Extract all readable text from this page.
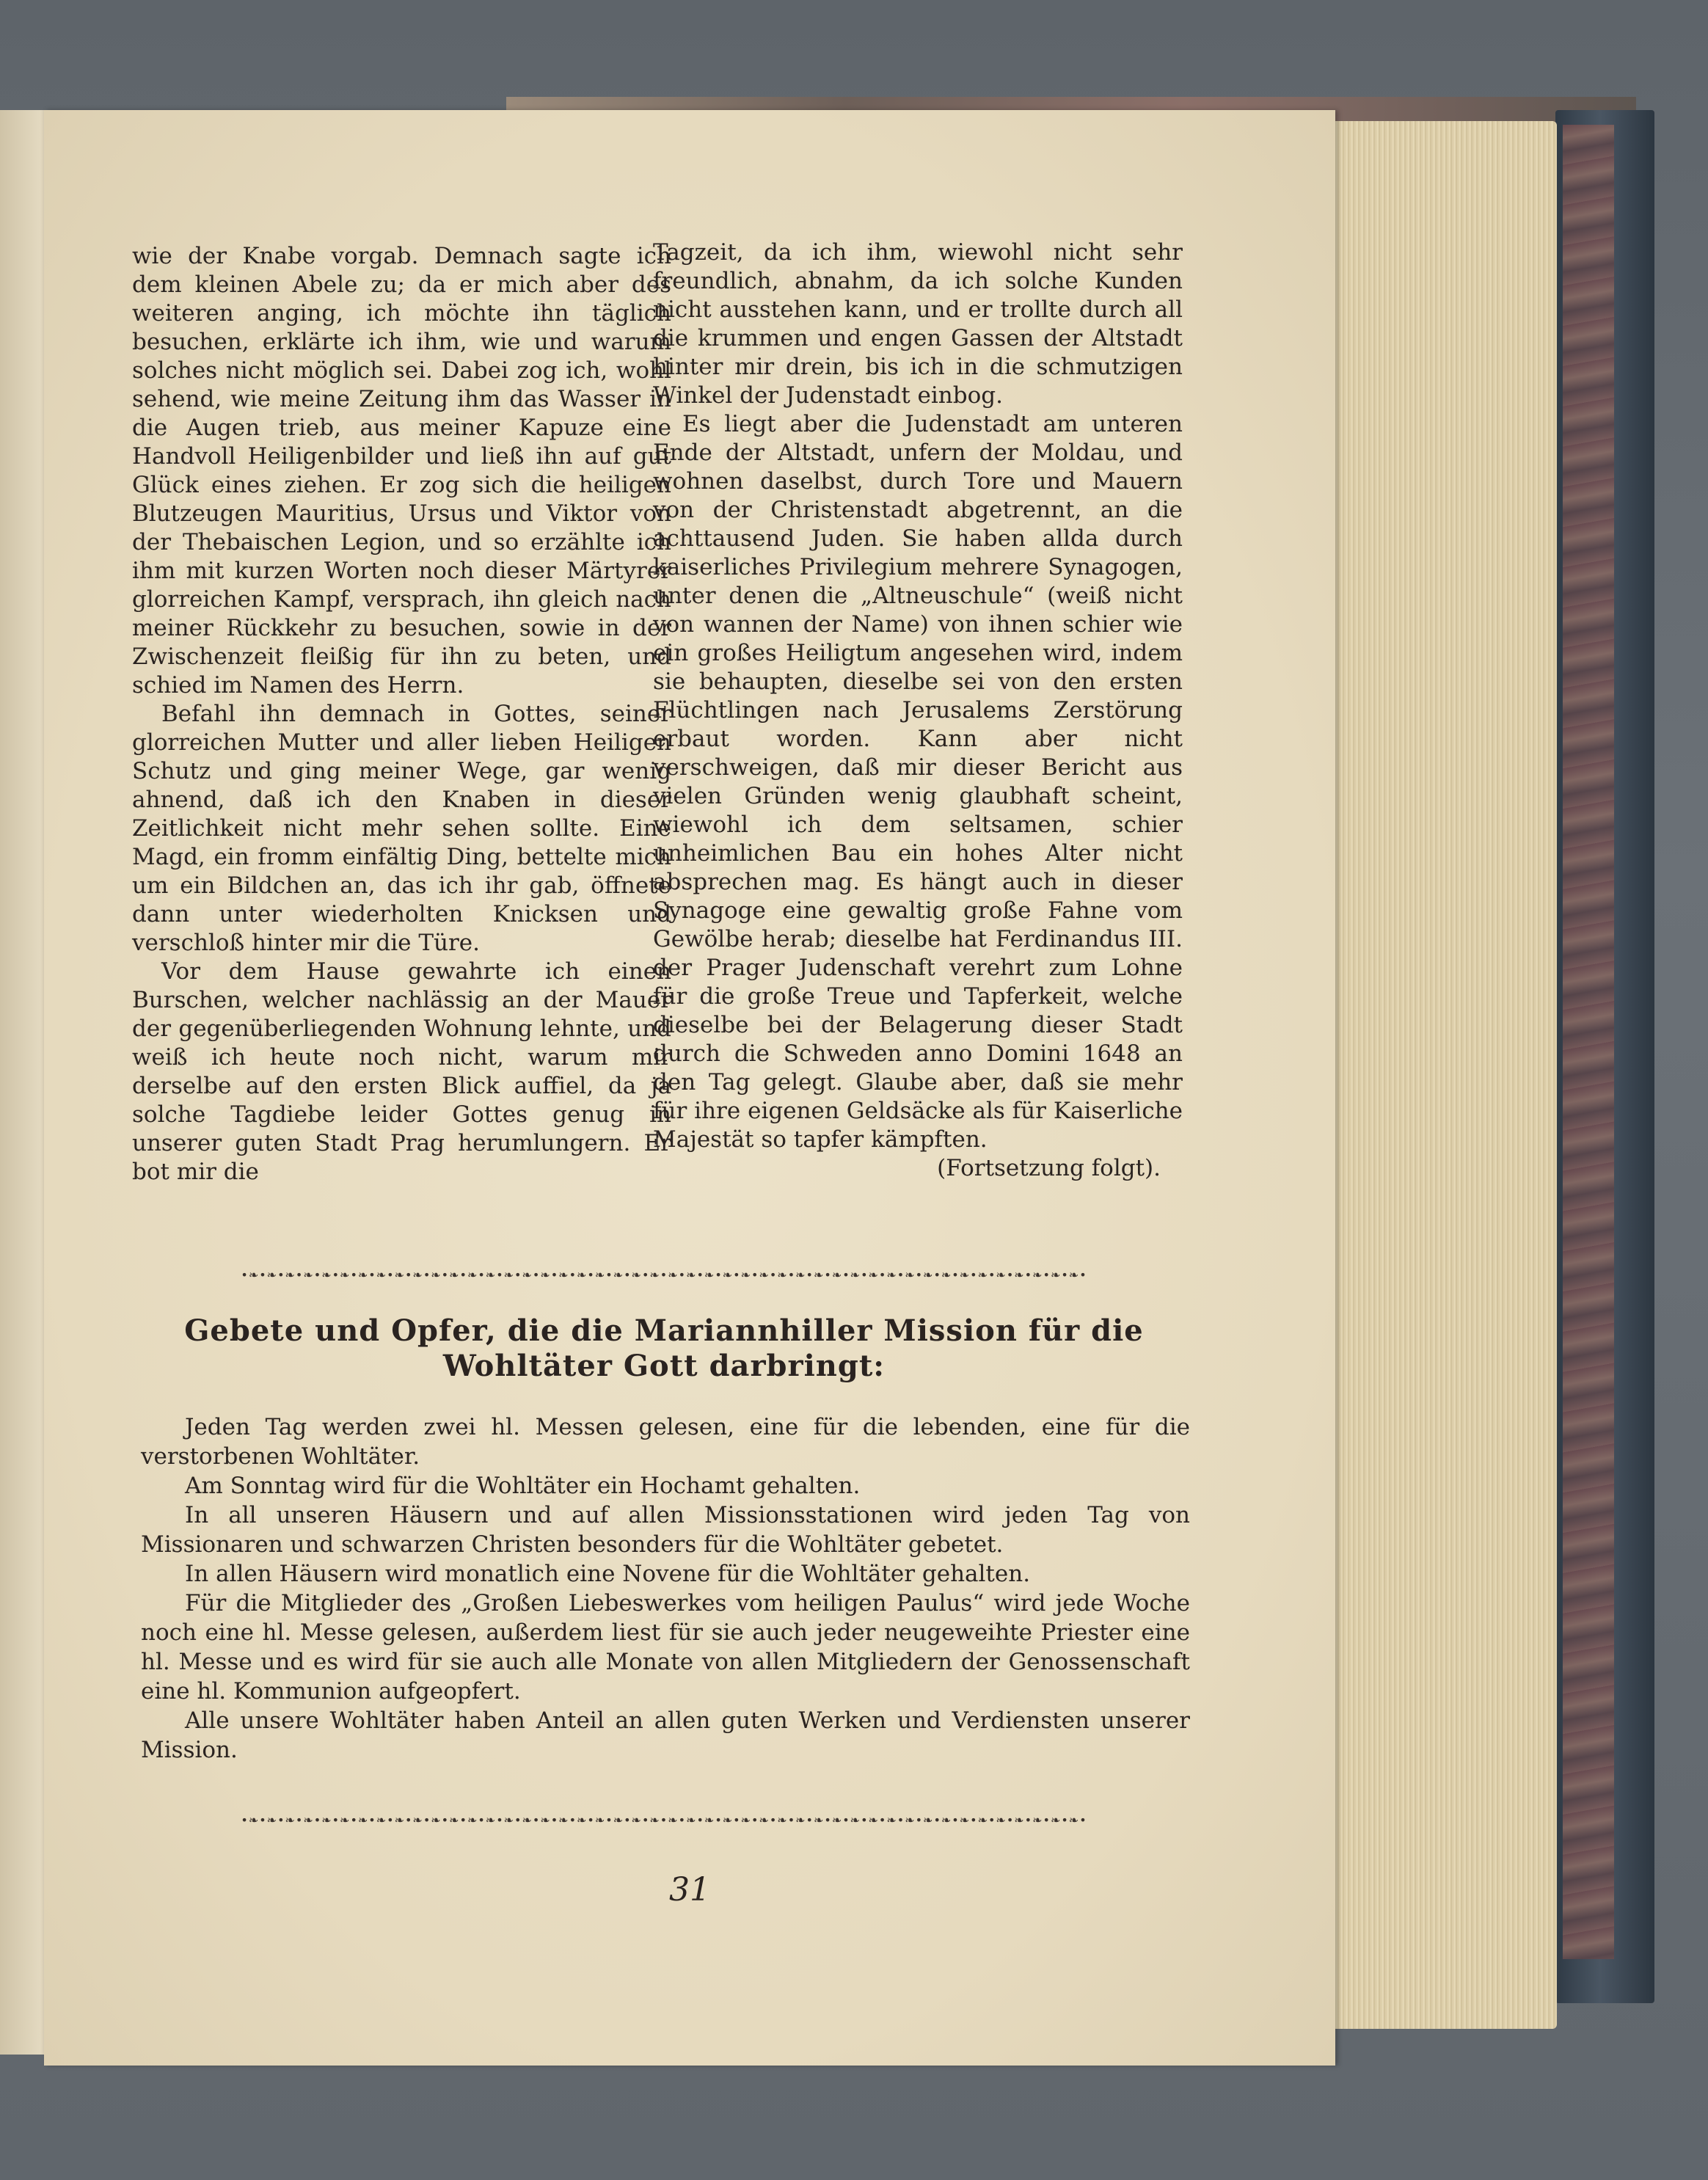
wie der Knabe vorgab. Demnach sagte ich dem kleinen Abele zu; da er mich aber des weiteren anging, ich möchte ihn täglich besuchen, erklärte ich ihm, wie und warum solches nicht möglich sei. Dabei zog ich, wohl sehend, wie meine Zeitung ihm das Wasser in die Augen trieb, aus meiner Kapuze eine Handvoll Heiligenbilder und ließ ihn auf gut Glück eines ziehen. Er zog sich die heiligen Blutzeugen Mauritius, Ursus und Viktor von der Thebaischen Legion, und so erzählte ich ihm mit kurzen Worten noch dieser Märtyrer glorreichen Kampf, versprach, ihn gleich nach meiner Rückkehr zu besuchen, sowie in der Zwischenzeit fleißig für ihn zu beten, und schied im Namen des Herrn.

Befahl ihn demnach in Gottes, seiner glorreichen Mutter und aller lieben Heiligen Schutz und ging meiner Wege, gar wenig ahnend, daß ich den Knaben in dieser Zeitlichkeit nicht mehr sehen sollte. Eine Magd, ein fromm einfältig Ding, bettelte mich um ein Bildchen an, das ich ihr gab, öffnete dann unter wiederholten Knicksen und verschloß hinter mir die Türe.

Vor dem Hause gewahrte ich einen Burschen, welcher nachlässig an der Mauer der gegenüberliegenden Wohnung lehnte, und weiß ich heute noch nicht, warum mir derselbe auf den ersten Blick auffiel, da ja solche Tagdiebe leider Gottes genug in unserer guten Stadt Prag herumlungern. Er bot mir die

Tagzeit, da ich ihm, wiewohl nicht sehr freundlich, abnahm, da ich solche Kunden nicht ausstehen kann, und er trollte durch all die krummen und engen Gassen der Altstadt hinter mir drein, bis ich in die schmutzigen Winkel der Judenstadt einbog.

Es liegt aber die Judenstadt am unteren Ende der Altstadt, unfern der Moldau, und wohnen daselbst, durch Tore und Mauern von der Christenstadt abgetrennt, an die achttausend Juden. Sie haben allda durch kaiserliches Privilegium mehrere Synagogen, unter denen die „Altneuschule“ (weiß nicht von wannen der Name) von ihnen schier wie ein großes Heiligtum angesehen wird, indem sie behaupten, dieselbe sei von den ersten Flüchtlingen nach Jerusalems Zerstörung erbaut worden. Kann aber nicht verschweigen, daß mir dieser Bericht aus vielen Gründen wenig glaubhaft scheint, wiewohl ich dem seltsamen, schier unheimlichen Bau ein hohes Alter nicht absprechen mag. Es hängt auch in dieser Synagoge eine gewaltig große Fahne vom Gewölbe herab; dieselbe hat Ferdinandus III. der Prager Judenschaft verehrt zum Lohne für die große Treue und Tapferkeit, welche dieselbe bei der Belagerung dieser Stadt durch die Schweden anno Domini 1648 an den Tag gelegt. Glaube aber, daß sie mehr für ihre eigenen Geldsäcke als für Kaiserliche Majestät so tapfer kämpften.

(Fortsetzung folgt).

•❧•❧•❧•❧•❧•❧•❧•❧•❧•❧•❧•❧•❧•❧•❧•❧•❧•❧•❧•❧•❧•❧•❧•❧•❧•❧•❧•❧•❧•❧•❧•❧•❧•❧•❧•❧•❧•❧•❧•❧•❧•❧•❧•❧•❧•❧•
Gebete und Opfer, die die Mariannhiller Mission für die Wohltäter Gott darbringt:

Jeden Tag werden zwei hl. Messen gelesen, eine für die lebenden, eine für die verstorbenen Wohltäter.

Am Sonntag wird für die Wohltäter ein Hochamt gehalten.

In all unseren Häusern und auf allen Missionsstationen wird jeden Tag von Missionaren und schwarzen Christen besonders für die Wohltäter gebetet.

In allen Häusern wird monatlich eine Novene für die Wohltäter gehalten.

Für die Mitglieder des „Großen Liebeswerkes vom heiligen Paulus“ wird jede Woche noch eine hl. Messe gelesen, außerdem liest für sie auch jeder neugeweihte Priester eine hl. Messe und es wird für sie auch alle Monate von allen Mitgliedern der Genossenschaft eine hl. Kommunion aufgeopfert.

Alle unsere Wohltäter haben Anteil an allen guten Werken und Verdiensten unserer Mission.

•❧•❧•❧•❧•❧•❧•❧•❧•❧•❧•❧•❧•❧•❧•❧•❧•❧•❧•❧•❧•❧•❧•❧•❧•❧•❧•❧•❧•❧•❧•❧•❧•❧•❧•❧•❧•❧•❧•❧•❧•❧•❧•❧•❧•❧•❧•
31
